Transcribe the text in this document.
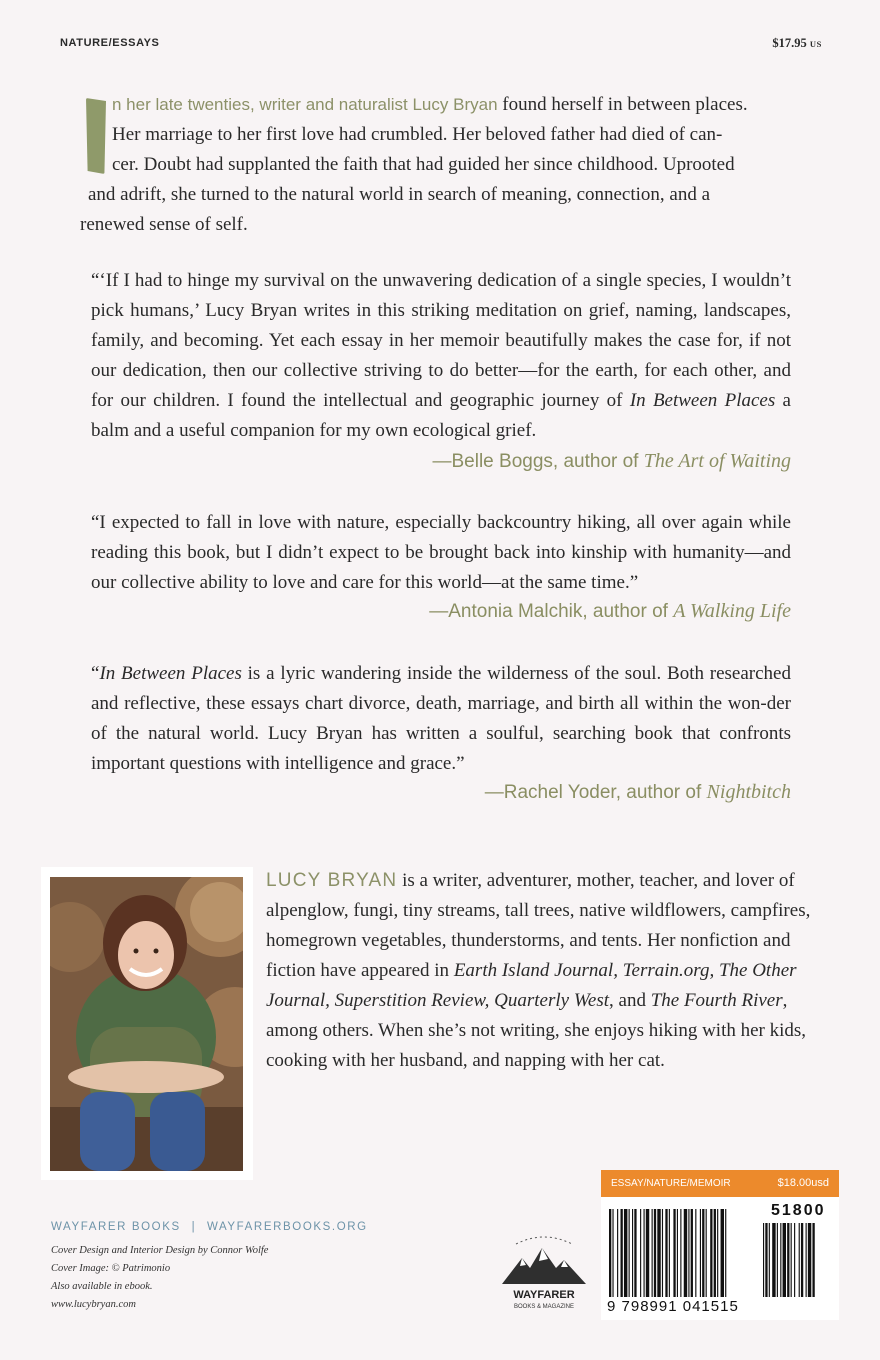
NATURE/ESSAYS	$17.95 US

n her late twenties, writer and naturalist Lucy Bryan found herself in between places.
Her marriage to her first love had crumbled. Her beloved father had died of can-
cer. Doubt had supplanted the faith that had guided her since childhood. Uprooted
and adrift, she turned to the natural world in search of meaning, connection, and a
renewed sense of self.

“‘If I had to hinge my survival on the unwavering dedication of a single species, I wouldn’t pick humans,’ Lucy Bryan writes in this striking meditation on grief, naming, landscapes, family, and becoming. Yet each essay in her memoir beautifully makes the case for, if not our dedication, then our collective striving to do better—for the earth, for each other, and for our children. I found the intellectual and geographic journey of In Between Places a balm and a useful companion for my own ecological grief.

—Belle Boggs, author of The Art of Waiting

“I expected to fall in love with nature, especially backcountry hiking, all over again while reading this book, but I didn’t expect to be brought back into kinship with humanity—and our collective ability to love and care for this world—at the same time.”

—Antonia Malchik, author of A Walking Life

“In Between Places is a lyric wandering inside the wilderness of the soul. Both researched and reflective, these essays chart divorce, death, marriage, and birth all within the won-der of the natural world. Lucy Bryan has written a soulful, searching book that confronts important questions with intelligence and grace.”

—Rachel Yoder, author of Nightbitch

LUCY BRYAN is a writer, adventurer, mother, teacher, and lover of alpenglow, fungi, tiny streams, tall trees, native wildflowers, campfires, homegrown vegetables, thunderstorms, and tents. Her nonfiction and fiction have appeared in Earth Island Journal, Terrain.org, The Other Journal, Superstition Review, Quarterly West, and The Fourth River, among others. When she’s not writing, she enjoys hiking with her kids, cooking with her husband, and napping with her cat.

WAYFARER BOOKS | WAYFARERBOOKS.ORG
Cover Design and Interior Design by Connor Wolfe
Cover Image: © Patrimonio
Also available in ebook.
www.lucybryan.com
WAYFARER
BOOKS & MAGAZINE
ESSAY/NATURE/MEMOIR	$18.00usd
9 798991 041515
51800
